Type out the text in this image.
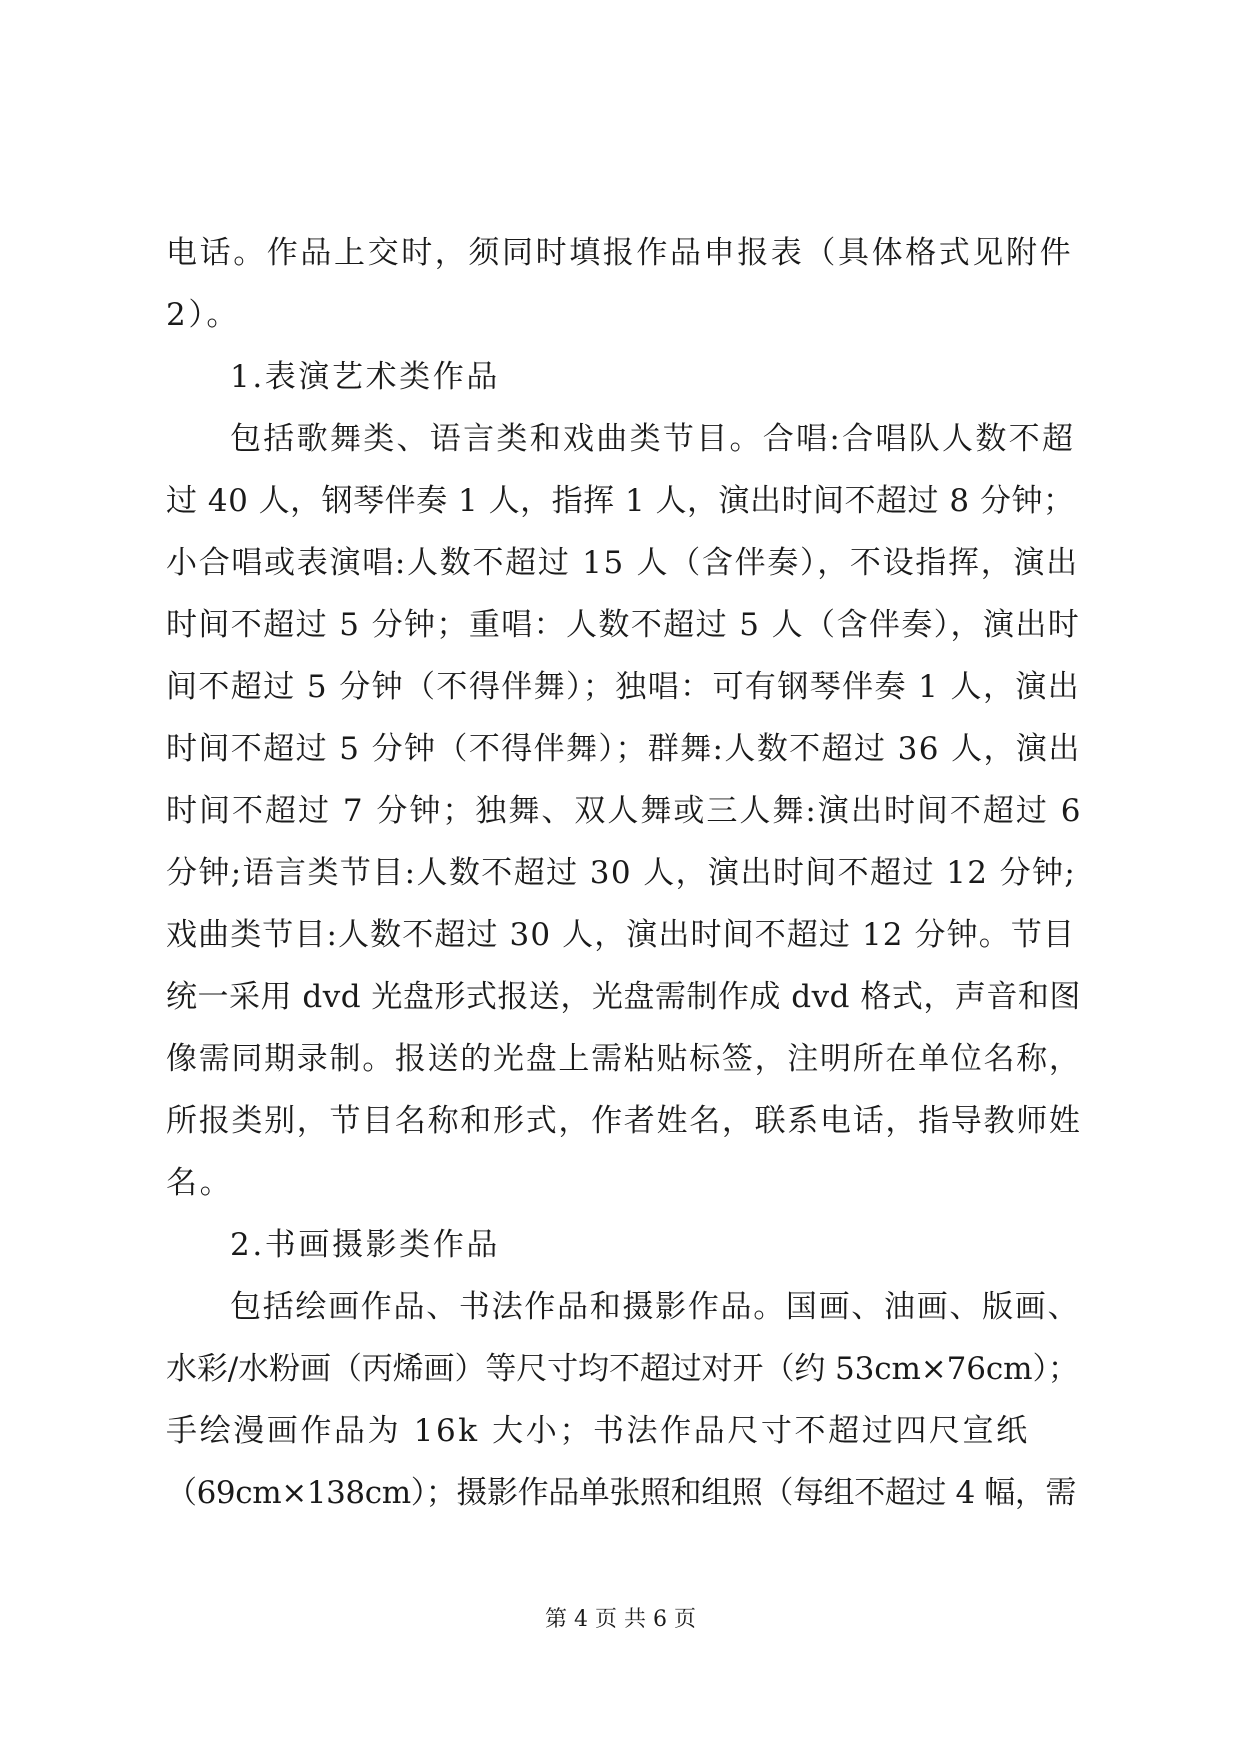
电话。作品上交时，须同时填报作品申报表（具体格式见附件
2）。
1.表演艺术类作品
包括歌舞类、语言类和戏曲类节目。合唱:合唱队人数不超
过 40 人，钢琴伴奏 1 人，指挥 1 人，演出时间不超过 8 分钟；
小合唱或表演唱:人数不超过 15 人（含伴奏），不设指挥，演出
时间不超过 5 分钟；重唱：人数不超过 5 人（含伴奏），演出时
间不超过 5 分钟（不得伴舞）；独唱：可有钢琴伴奏 1 人，演出
时间不超过 5 分钟（不得伴舞）；群舞:人数不超过 36 人，演出
时间不超过 7 分钟；独舞、双人舞或三人舞:演出时间不超过 6
分钟;语言类节目:人数不超过 30 人，演出时间不超过 12 分钟;
戏曲类节目:人数不超过 30 人，演出时间不超过 12 分钟。节目
统一采用 dvd 光盘形式报送，光盘需制作成 dvd 格式，声音和图
像需同期录制。报送的光盘上需粘贴标签，注明所在单位名称，
所报类别，节目名称和形式，作者姓名，联系电话，指导教师姓
名。
2.书画摄影类作品
包括绘画作品、书法作品和摄影作品。国画、油画、版画、
水彩/水粉画（丙烯画）等尺寸均不超过对开（约 53cm×76cm）；
手绘漫画作品为 16k 大小；书法作品尺寸不超过四尺宣纸
（69cm×138cm）；摄影作品单张照和组照（每组不超过 4 幅，需
第 4 页 共 6 页
